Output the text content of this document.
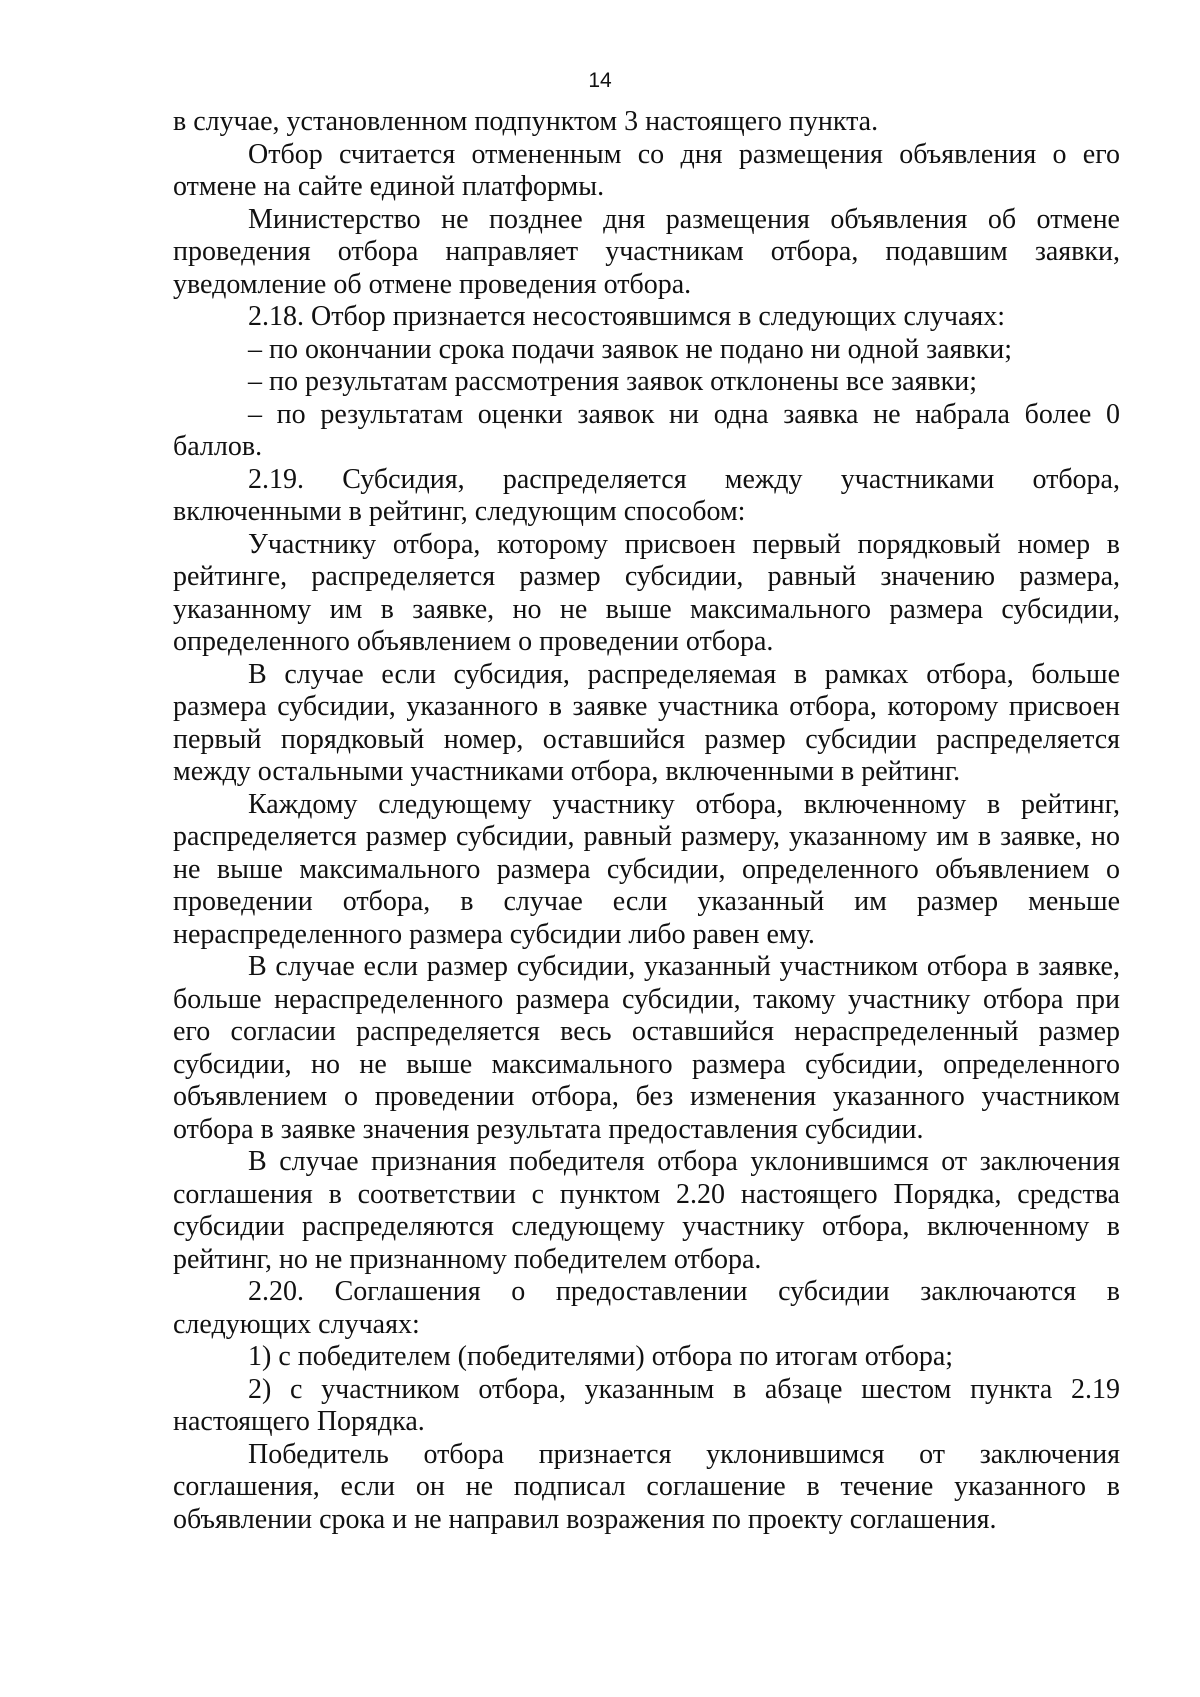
14

в случае, установленном подпунктом 3 настоящего пункта.

Отбор считается отмененным со дня размещения объявления о его отмене на сайте единой платформы.

Министерство не позднее дня размещения объявления об отмене проведения отбора направляет участникам отбора, подавшим заявки, уведомление об отмене проведения отбора.

2.18. Отбор признается несостоявшимся в следующих случаях:

– по окончании срока подачи заявок не подано ни одной заявки;

– по результатам рассмотрения заявок отклонены все заявки;

– по результатам оценки заявок ни одна заявка не набрала более 0 баллов.

2.19. Субсидия, распределяется между участниками отбора, включенными в рейтинг, следующим способом:

Участнику отбора, которому присвоен первый порядковый номер в рейтинге, распределяется размер субсидии, равный значению размера, указанному им в заявке, но не выше максимального размера субсидии, определенного объявлением о проведении отбора.

В случае если субсидия, распределяемая в рамках отбора, больше размера субсидии, указанного в заявке участника отбора, которому присвоен первый порядковый номер, оставшийся размер субсидии распределяется между остальными участниками отбора, включенными в рейтинг.

Каждому следующему участнику отбора, включенному в рейтинг, распределяется размер субсидии, равный размеру, указанному им в заявке, но не выше максимального размера субсидии, определенного объявлением о проведении отбора, в случае если указанный им размер меньше нераспределенного размера субсидии либо равен ему.

В случае если размер субсидии, указанный участником отбора в заявке, больше нераспределенного размера субсидии, такому участнику отбора при его согласии распределяется весь оставшийся нераспределенный размер субсидии, но не выше максимального размера субсидии, определенного объявлением о проведении отбора, без изменения указанного участником отбора в заявке значения результата предоставления субсидии.

В случае признания победителя отбора уклонившимся от заключения соглашения в соответствии с пунктом 2.20 настоящего Порядка, средства субсидии распределяются следующему участнику отбора, включенному в рейтинг, но не признанному победителем отбора.

2.20. Соглашения о предоставлении субсидии заключаются в следующих случаях:

1) с победителем (победителями) отбора по итогам отбора;

2) с участником отбора, указанным в абзаце шестом пункта 2.19 настоящего Порядка.

Победитель отбора признается уклонившимся от заключения соглашения, если он не подписал соглашение в течение указанного в объявлении срока и не направил возражения по проекту соглашения.
